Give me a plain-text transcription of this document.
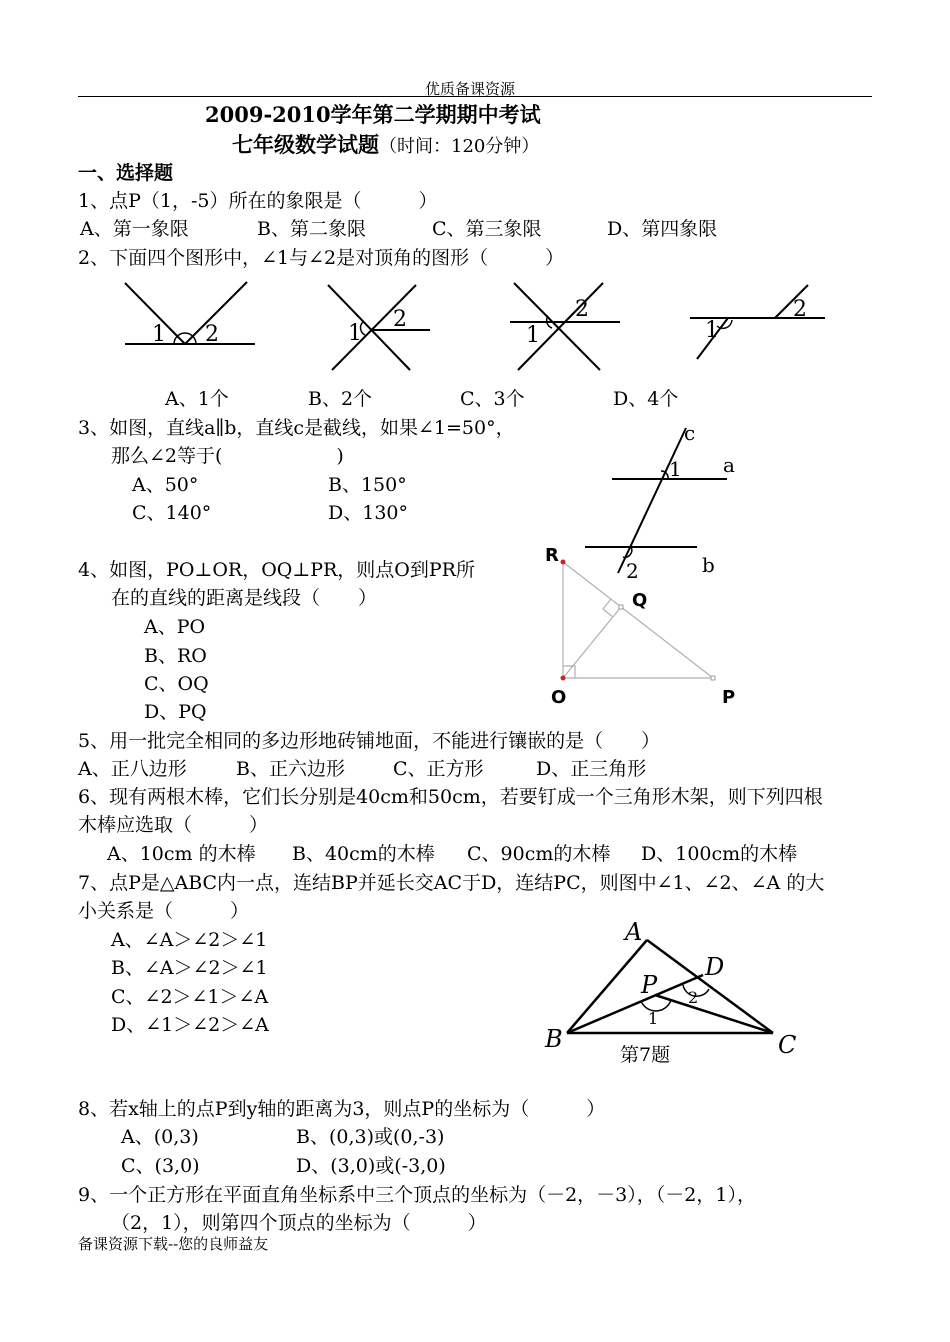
优质备课资源
2009-2010学年第二学期期中考试
七年级数学试题（时间：120分钟）
一、选择题
1、点P（1，-5）所在的象限是（　　　）
A、第一象限	B、第二象限	C、第三象限	D、第四象限
2、下面四个图形中，∠1与∠2是对顶角的图形（　　　）
1 2	1
2
1
2
1
2
A、1个	B、2个	C、3个	D、4个
3、如图，直线a∥b，直线c是截线，如果∠1=50°，
那么∠2等于(　　　　　　)
A、50°	B、150°
C、140°	D、130°
c
a
b
1
2
4、如图，PO⊥OR，OQ⊥PR，则点O到PR所
在的直线的距离是线段（　　）
A、PO
B、RO
C、OQ
D、PQ
R
Q
O	P
5、用一批完全相同的多边形地砖铺地面，不能进行镶嵌的是（　　）
A、正八边形	B、正六边形	C、正方形	D、正三角形
6、现有两根木棒，它们长分别是40cm和50cm，若要钉成一个三角形木架，则下列四根
木棒应选取（　　　）
A、10cm 的木棒 B、40cm的木棒 C、90cm的木棒 D、100cm的木棒
7、点P是△ABC内一点，连结BP并延长交AC于D，连结PC，则图中∠1、∠2、∠A 的大
小关系是（　　　）
A、∠A＞∠2＞∠1
B、∠A＞∠2＞∠1
C、∠2＞∠1＞∠A
D、∠1＞∠2＞∠A
A
B	C
D
P
1
2
第7题
8、若x轴上的点P到y轴的距离为3，则点P的坐标为（　　　）
A、(0,3)	B、(0,3)或(0,-3)
C、(3,0)	D、(3,0)或(-3,0)
9、一个正方形在平面直角坐标系中三个顶点的坐标为（－2，－3），（－2，1），
（2，1），则第四个顶点的坐标为（　　　）
备课资源下载--您的良师益友
